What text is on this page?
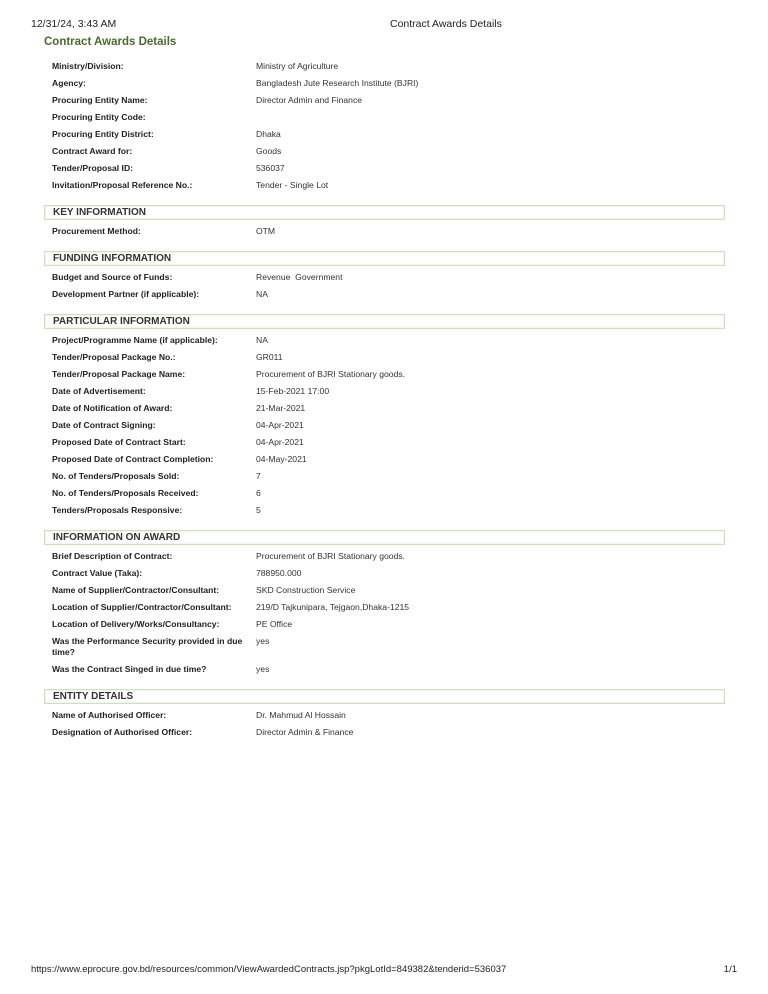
12/31/24, 3:43 AM	Contract Awards Details
Contract Awards Details
Ministry/Division:	Ministry of Agriculture
Agency:	Bangladesh Jute Research Institute (BJRI)
Procuring Entity Name:	Director Admin and Finance
Procuring Entity Code:
Procuring Entity District:	Dhaka
Contract Award for:	Goods
Tender/Proposal ID:	536037
Invitation/Proposal Reference No.:	Tender - Single Lot
KEY INFORMATION
Procurement Method:	OTM
FUNDING INFORMATION
Budget and Source of Funds:	Revenue  Government
Development Partner (if applicable):	NA
PARTICULAR INFORMATION
Project/Programme Name (if applicable):	NA
Tender/Proposal Package No.:	GR011
Tender/Proposal Package Name:	Procurement of BJRI Stationary goods.
Date of Advertisement:	15-Feb-2021 17:00
Date of Notification of Award:	21-Mar-2021
Date of Contract Signing:	04-Apr-2021
Proposed Date of Contract Start:	04-Apr-2021
Proposed Date of Contract Completion:	04-May-2021
No. of Tenders/Proposals Sold:	7
No. of Tenders/Proposals Received:	6
Tenders/Proposals Responsive:	5
INFORMATION ON AWARD
Brief Description of Contract:	Procurement of BJRI Stationary goods.
Contract Value (Taka):	788950.000
Name of Supplier/Contractor/Consultant:	SKD Construction Service
Location of Supplier/Contractor/Consultant:	219/D Tajkunipara, Tejgaon,Dhaka-1215
Location of Delivery/Works/Consultancy:	PE Office
Was the Performance Security provided in due time?
yes
Was the Contract Singed in due time?	yes
ENTITY DETAILS
Name of Authorised Officer:	Dr. Mahmud Al Hossain
Designation of Authorised Officer:	Director Admin & Finance
https://www.eprocure.gov.bd/resources/common/ViewAwardedContracts.jsp?pkgLotId=849382&tenderid=536037	1/1
